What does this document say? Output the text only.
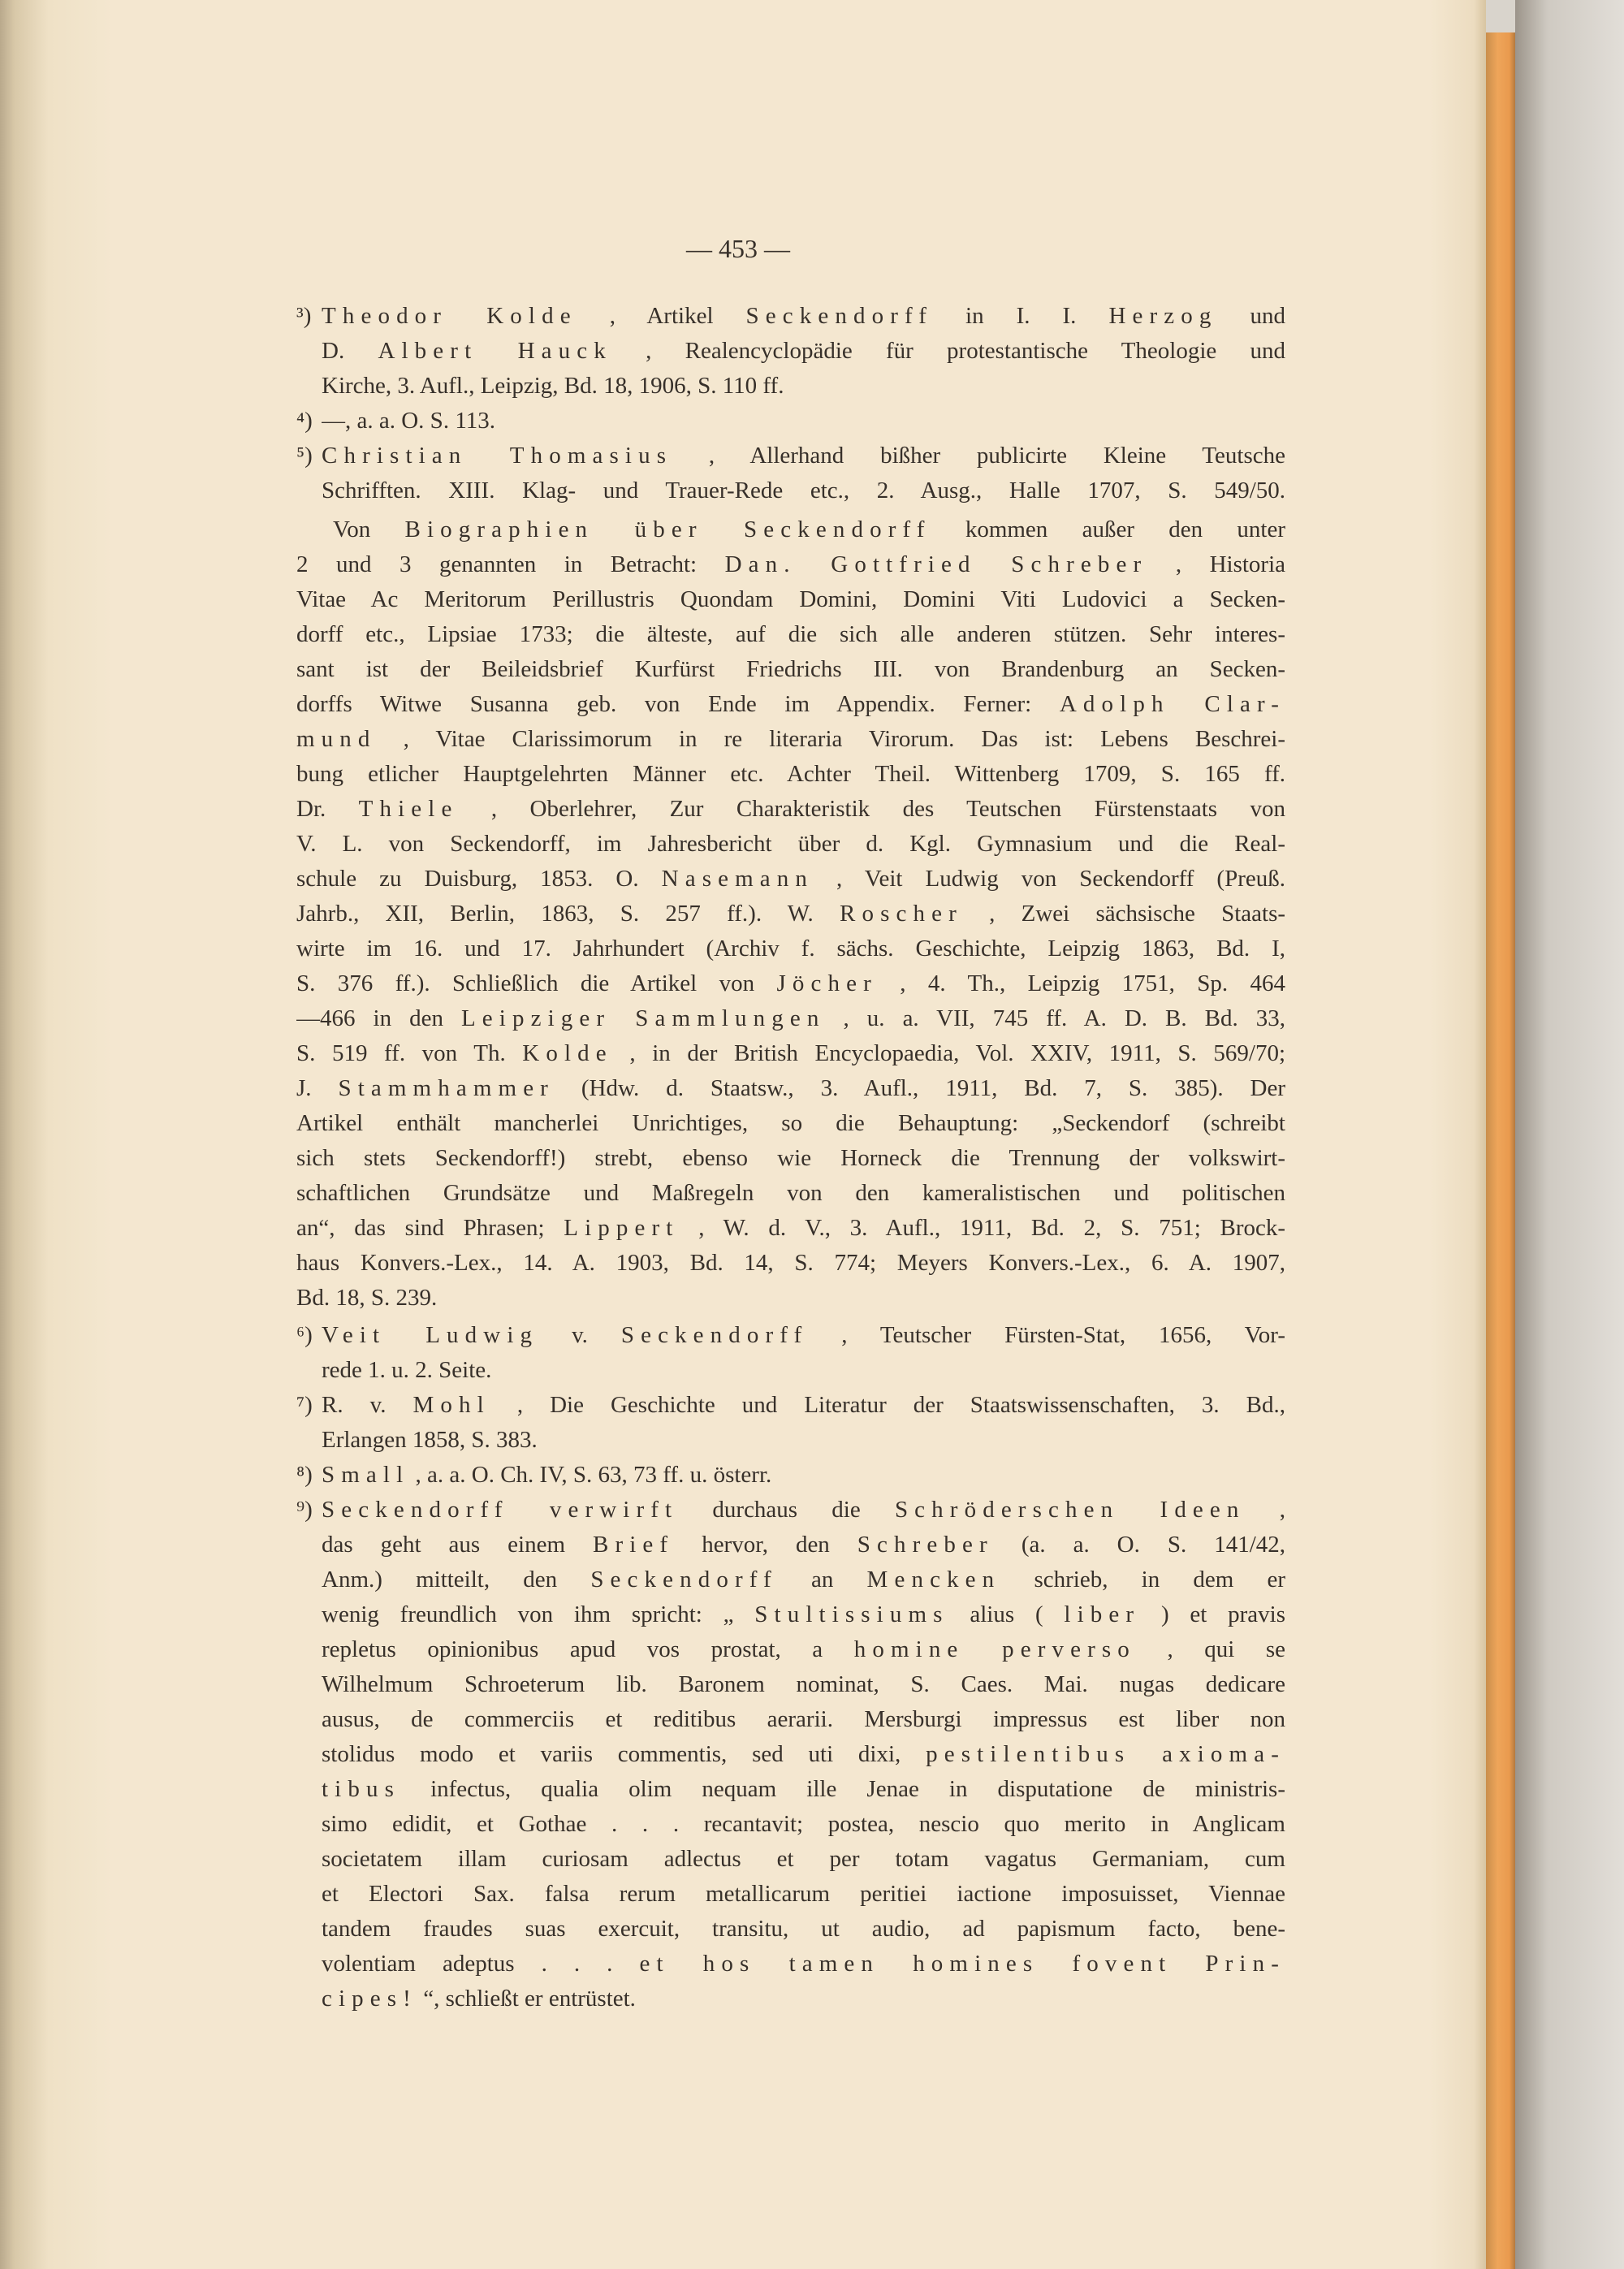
— 453 —
³) Theodor Kolde , Artikel Seckendorff in I. I. Herzog und
D. Albert Hauck , Realencyclopädie für protestantische Theologie und
Kirche, 3. Aufl., Leipzig, Bd. 18, 1906, S. 110 ff.
⁴) —, a. a. O. S. 113.
⁵) Christian Thomasius , Allerhand bißher publicirte Kleine Teutsche
Schrifften. XIII. Klag- und Trauer-Rede etc., 2. Ausg., Halle 1707, S. 549/50.
Von Biographien über Seckendorff kommen außer den unter
2 und 3 genannten in Betracht: Dan. Gottfried Schreber , Historia
Vitae Ac Meritorum Perillustris Quondam Domini, Domini Viti Ludovici a Secken-
dorff etc., Lipsiae 1733; die älteste, auf die sich alle anderen stützen. Sehr interes-
sant ist der Beileidsbrief Kurfürst Friedrichs III. von Brandenburg an Secken-
dorffs Witwe Susanna geb. von Ende im Appendix. Ferner: Adolph Clar-
mund , Vitae Clarissimorum in re literaria Virorum. Das ist: Lebens Beschrei-
bung etlicher Hauptgelehrten Männer etc. Achter Theil. Wittenberg 1709, S. 165 ff.
Dr. Thiele , Oberlehrer, Zur Charakteristik des Teutschen Fürstenstaats von
V. L. von Seckendorff, im Jahresbericht über d. Kgl. Gymnasium und die Real-
schule zu Duisburg, 1853. O. Nasemann , Veit Ludwig von Seckendorff (Preuß.
Jahrb., XII, Berlin, 1863, S. 257 ff.). W. Roscher , Zwei sächsische Staats-
wirte im 16. und 17. Jahrhundert (Archiv f. sächs. Geschichte, Leipzig 1863, Bd. I,
S. 376 ff.). Schließlich die Artikel von Jöcher , 4. Th., Leipzig 1751, Sp. 464
—466 in den Leipziger Sammlungen , u. a. VII, 745 ff. A. D. B. Bd. 33,
S. 519 ff. von Th. Kolde , in der British Encyclopaedia, Vol. XXIV, 1911, S. 569/70;
J. Stammhammer (Hdw. d. Staatsw., 3. Aufl., 1911, Bd. 7, S. 385). Der
Artikel enthält mancherlei Unrichtiges, so die Behauptung: „Seckendorf (schreibt
sich stets Seckendorff!) strebt, ebenso wie Horneck die Trennung der volkswirt-
schaftlichen Grundsätze und Maßregeln von den kameralistischen und politischen
an“, das sind Phrasen; Lippert , W. d. V., 3. Aufl., 1911, Bd. 2, S. 751; Brock-
haus Konvers.-Lex., 14. A. 1903, Bd. 14, S. 774; Meyers Konvers.-Lex., 6. A. 1907,
Bd. 18, S. 239.
⁶) Veit Ludwig v. Seckendorff , Teutscher Fürsten-Stat, 1656, Vor-
rede 1. u. 2. Seite.
⁷) R. v. Mohl , Die Geschichte und Literatur der Staatswissenschaften, 3. Bd.,
Erlangen 1858, S. 383.
⁸) Small , a. a. O. Ch. IV, S. 63, 73 ff. u. österr.
⁹) Seckendorff verwirft durchaus die Schröderschen Ideen ,
das geht aus einem Brief hervor, den Schreber (a. a. O. S. 141/42,
Anm.) mitteilt, den Seckendorff an Mencken schrieb, in dem er
wenig freundlich von ihm spricht: „ Stultissiums alius ( liber ) et pravis
repletus opinionibus apud vos prostat, a homine perverso , qui se
Wilhelmum Schroeterum lib. Baronem nominat, S. Caes. Mai. nugas dedicare
ausus, de commerciis et reditibus aerarii. Mersburgi impressus est liber non
stolidus modo et variis commentis, sed uti dixi, pestilentibus axioma-
tibus infectus, qualia olim nequam ille Jenae in disputatione de ministris-
simo edidit, et Gothae . . . recantavit; postea, nescio quo merito in Anglicam
societatem illam curiosam adlectus et per totam vagatus Germaniam, cum
et Electori Sax. falsa rerum metallicarum peritiei iactione imposuisset, Viennae
tandem fraudes suas exercuit, transitu, ut audio, ad papismum facto, bene-
volentiam adeptus . . . et hos tamen homines fovent Prin-
cipes! “, schließt er entrüstet.
